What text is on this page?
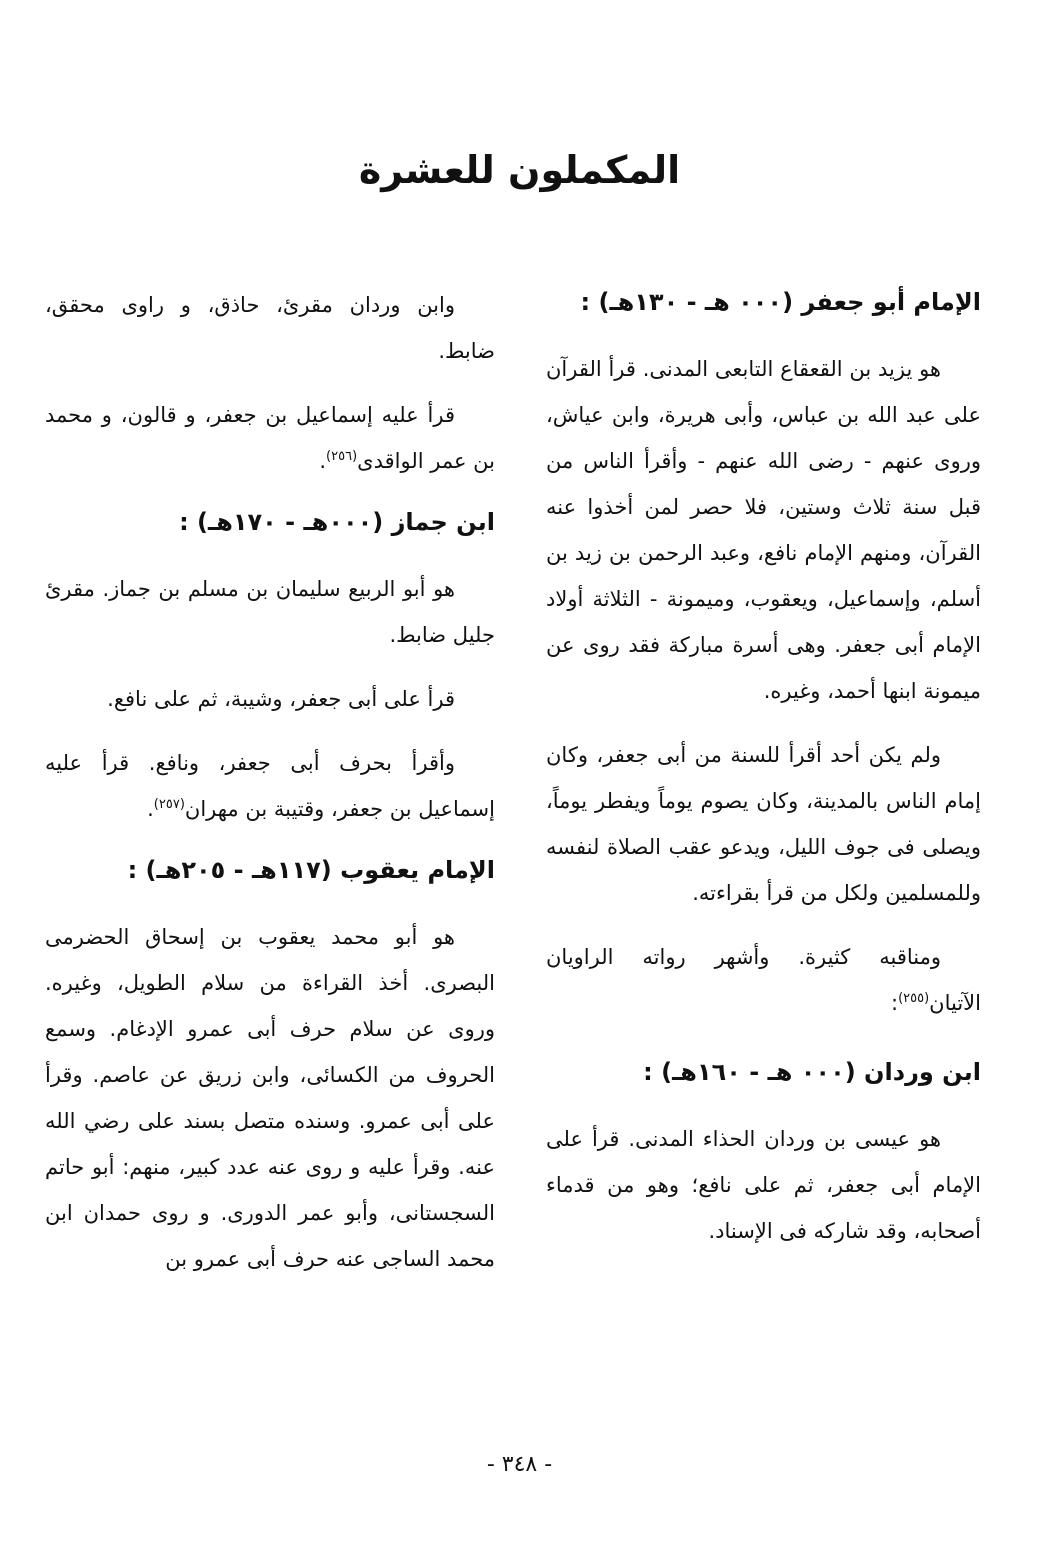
المكملون للعشرة
الإمام أبو جعفر (٠٠٠ هـ - ١٣٠هـ) :

هو يزيد بن القعقاع التابعى المدنى. قرأ القرآن على عبد الله بن عباس، وأبى هريرة، وابن عياش، وروى عنهم - رضى الله عنهم - وأقرأ الناس من قبل سنة ثلاث وستين، فلا حصر لمن أخذوا عنه القرآن، ومنهم الإمام نافع، وعبد الرحمن بن زيد بن أسلم، وإسماعيل، ويعقوب، وميمونة - الثلاثة أولاد الإمام أبى جعفر. وهى أسرة مباركة فقد روى عن ميمونة ابنها أحمد، وغيره.

ولم يكن أحد أقرأ للسنة من أبى جعفر، وكان إمام الناس بالمدينة، وكان يصوم يوماً ويفطر يوماً، ويصلى فى جوف الليل، ويدعو عقب الصلاة لنفسه وللمسلمين ولكل من قرأ بقراءته.

ومناقبه كثيرة. وأشهر رواته الراويان الآتيان$^{(٢٥٥)}$:

ابن وردان (٠٠٠ هـ - ١٦٠هـ) :

هو عيسى بن وردان الحذاء المدنى. قرأ على الإمام أبى جعفر، ثم على نافع؛ وهو من قدماء أصحابه، وقد شاركه فى الإسناد.

وابن وردان مقرئ، حاذق، و راوى محقق، ضابط.

قرأ عليه إسماعيل بن جعفر، و قالون، و محمد بن عمر الواقدى$^{(٢٥٦)}$.

ابن جماز (٠٠٠هـ - ١٧٠هـ) :

هو أبو الربيع سليمان بن مسلم بن جماز. مقرئ جليل ضابط.

قرأ على أبى جعفر، وشيبة، ثم على نافع.

وأقرأ بحرف أبى جعفر، ونافع. قرأ عليه إسماعيل بن جعفر، وقتيبة بن مهران$^{(٢٥٧)}$.

الإمام يعقوب (١١٧هـ - ٢٠٥هـ) :

هو أبو محمد يعقوب بن إسحاق الحضرمى البصرى. أخذ القراءة من سلام الطويل، وغيره. وروى عن سلام حرف أبى عمرو الإدغام. وسمع الحروف من الكسائى، وابن زريق عن عاصم. وقرأ على أبى عمرو. وسنده متصل بسند على رضي الله عنه. وقرأ عليه و روى عنه عدد كبير، منهم: أبو حاتم السجستانى، وأبو عمر الدورى. و روى حمدان ابن محمد الساجى عنه حرف أبى عمرو بن

- ٣٤٨ -
